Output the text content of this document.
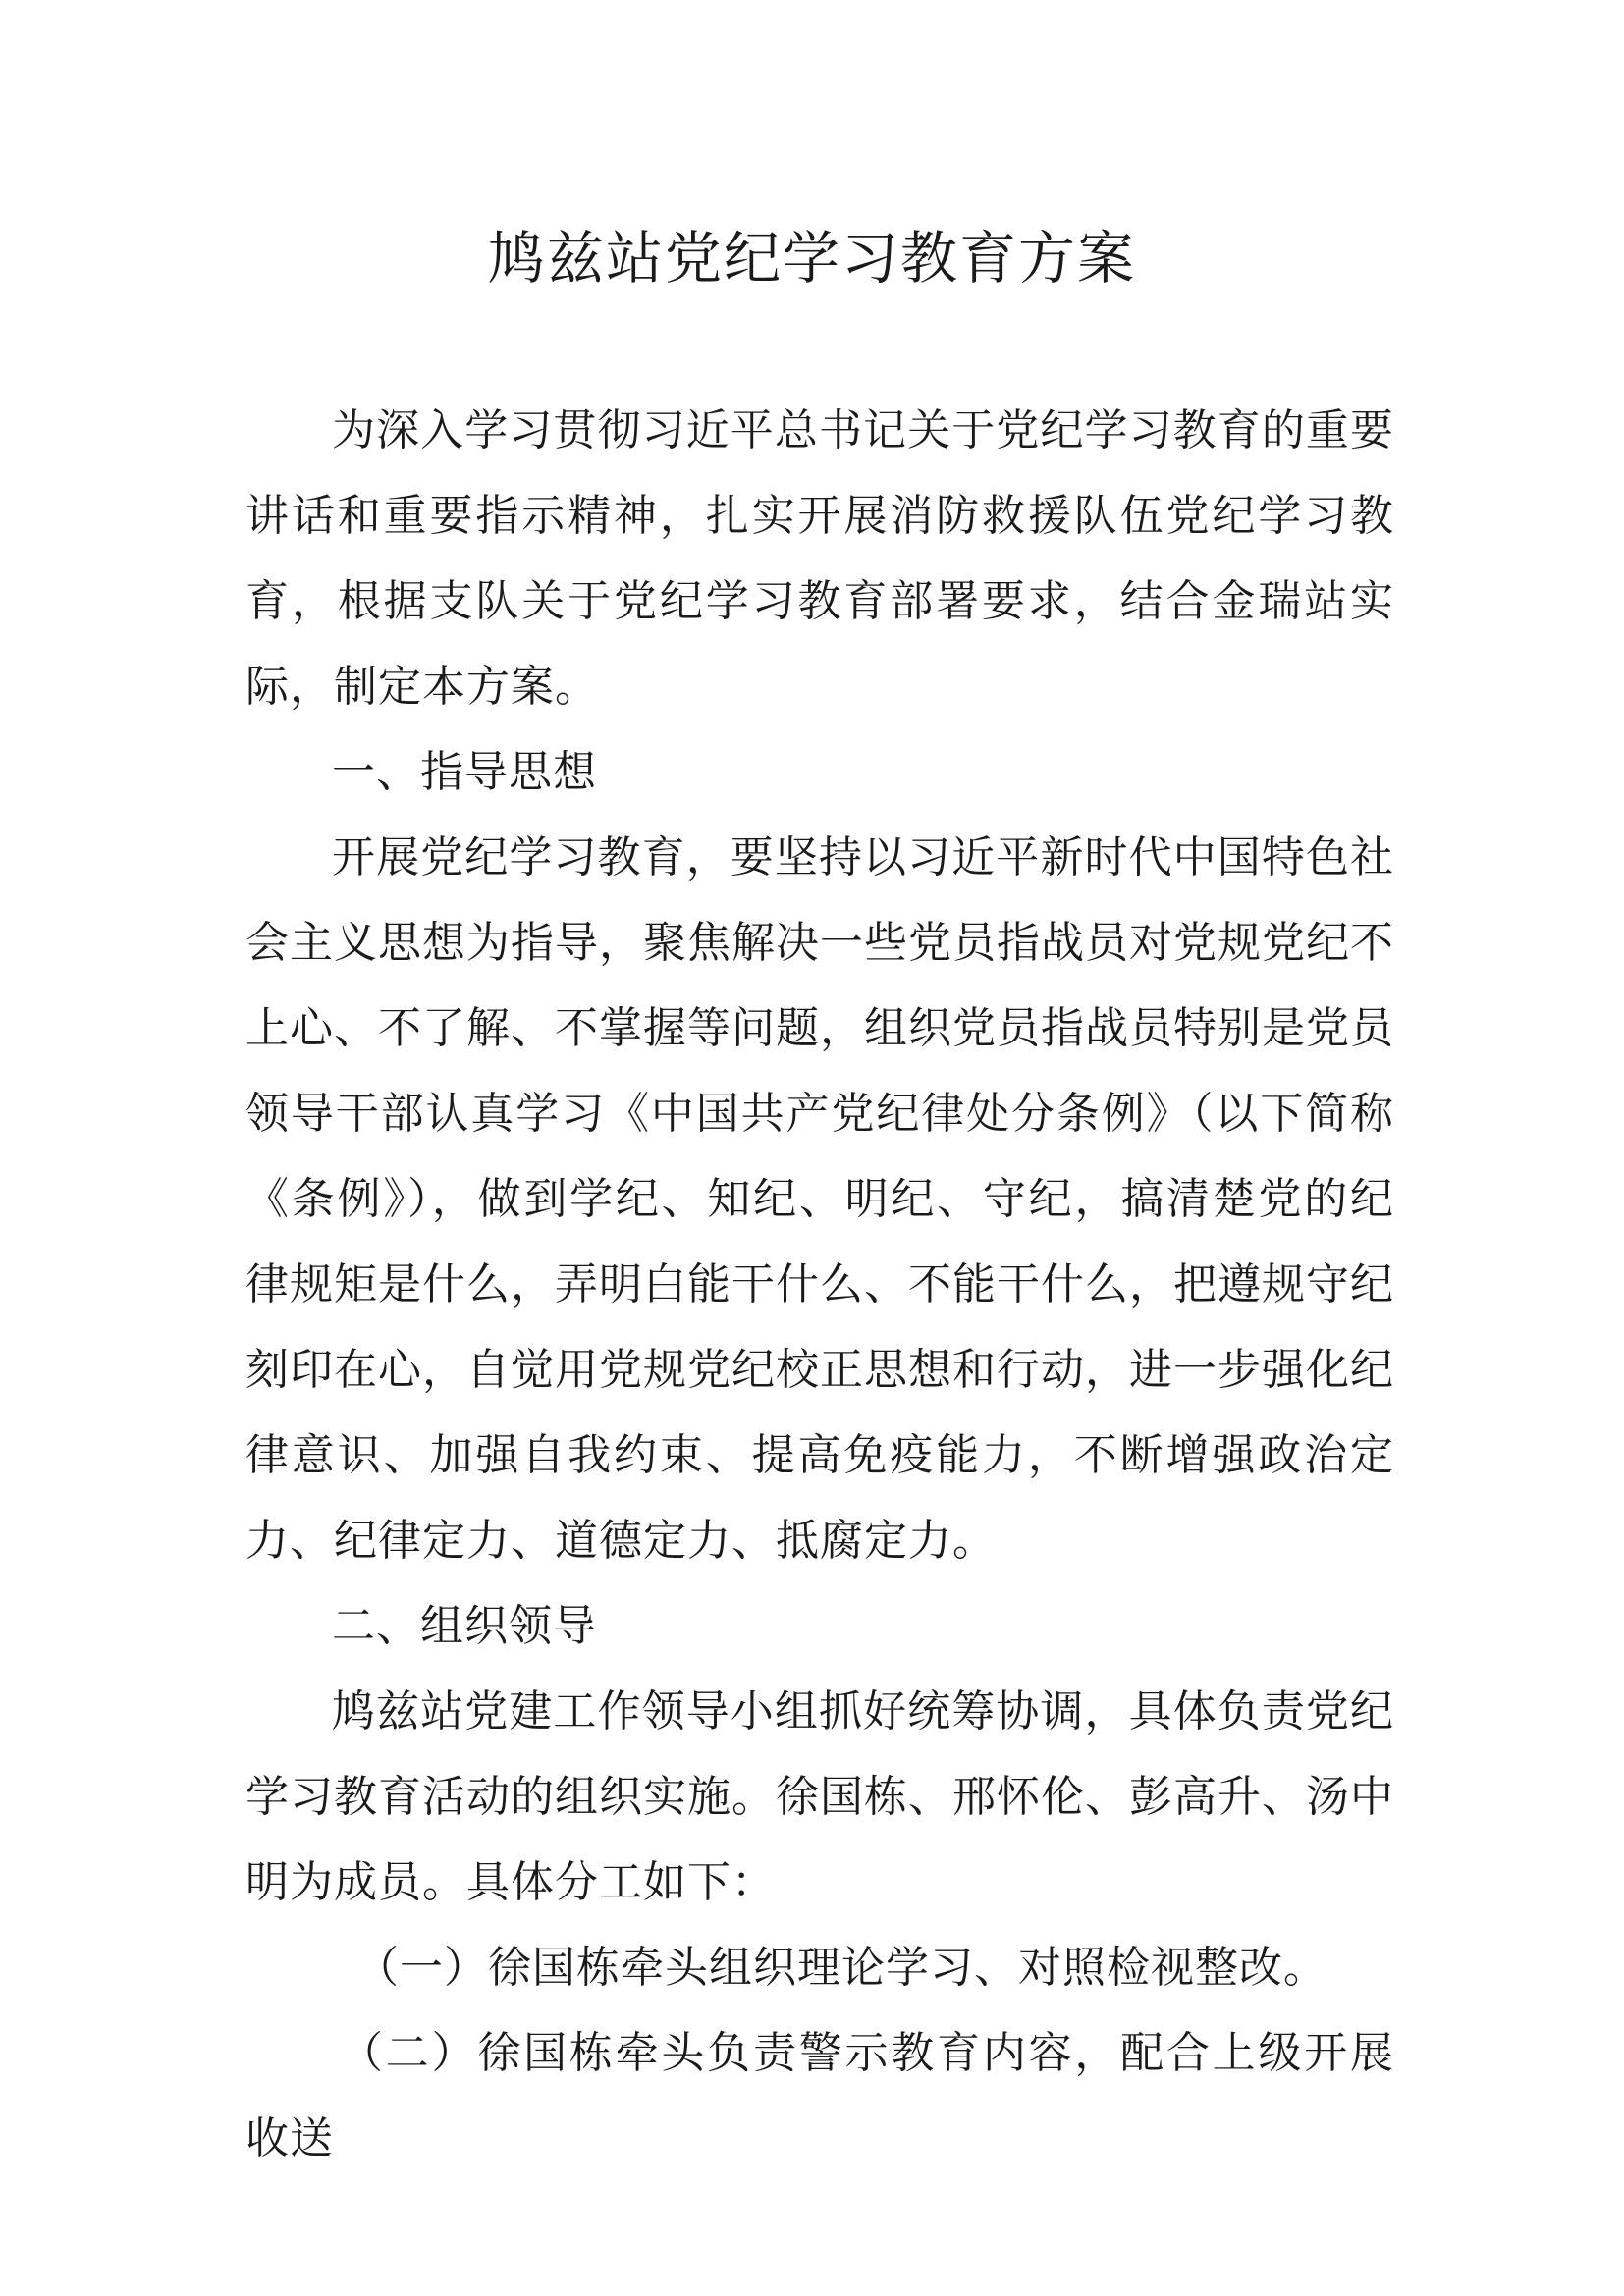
鸠兹站党纪学习教育方案

为深入学习贯彻习近平总书记关于党纪学习教育的重要讲话和重要指示精神，扎实开展消防救援队伍党纪学习教育，根据支队关于党纪学习教育部署要求，结合金瑞站实际，制定本方案。

一、指导思想

开展党纪学习教育，要坚持以习近平新时代中国特色社会主义思想为指导，聚焦解决一些党员指战员对党规党纪不上心、不了解、不掌握等问题，组织党员指战员特别是党员领导干部认真学习《中国共产党纪律处分条例》（以下简称《条例》），做到学纪、知纪、明纪、守纪，搞清楚党的纪律规矩是什么，弄明白能干什么、不能干什么，把遵规守纪刻印在心，自觉用党规党纪校正思想和行动，进一步强化纪律意识、加强自我约束、提高免疫能力，不断增强政治定力、纪律定力、道德定力、抵腐定力。

二、组织领导

鸠兹站党建工作领导小组抓好统筹协调，具体负责党纪学习教育活动的组织实施。徐国栋、邢怀伦、彭高升、汤中明为成员。具体分工如下：

（一）徐国栋牵头组织理论学习、对照检视整改。

（二）徐国栋牵头负责警示教育内容，配合上级开展收送
